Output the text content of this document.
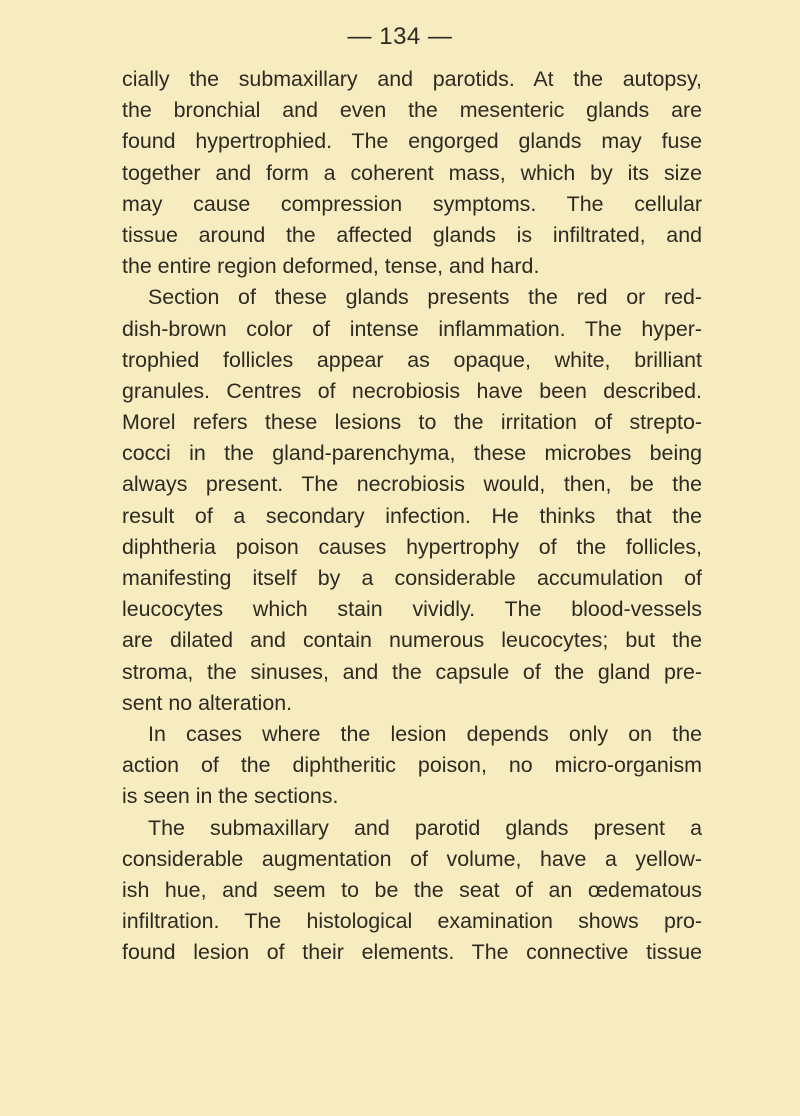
— 134 —
cially the submaxillary and parotids. At the autopsy,
the bronchial and even the mesenteric glands are
found hypertrophied. The engorged glands may fuse
together and form a coherent mass, which by its size
may cause compression symptoms. The cellular
tissue around the affected glands is infiltrated, and
the entire region deformed, tense, and hard.
Section of these glands presents the red or red-
dish-brown color of intense inflammation. The hyper-
trophied follicles appear as opaque, white, brilliant
granules. Centres of necrobiosis have been described.
Morel refers these lesions to the irritation of strepto-
cocci in the gland-parenchyma, these microbes being
always present. The necrobiosis would, then, be the
result of a secondary infection. He thinks that the
diphtheria poison causes hypertrophy of the follicles,
manifesting itself by a considerable accumulation of
leucocytes which stain vividly. The blood-vessels
are dilated and contain numerous leucocytes; but the
stroma, the sinuses, and the capsule of the gland pre-
sent no alteration.
In cases where the lesion depends only on the
action of the diphtheritic poison, no micro-organism
is seen in the sections.
The submaxillary and parotid glands present a
considerable augmentation of volume, have a yellow-
ish hue, and seem to be the seat of an œdematous
infiltration. The histological examination shows pro-
found lesion of their elements. The connective tissue
